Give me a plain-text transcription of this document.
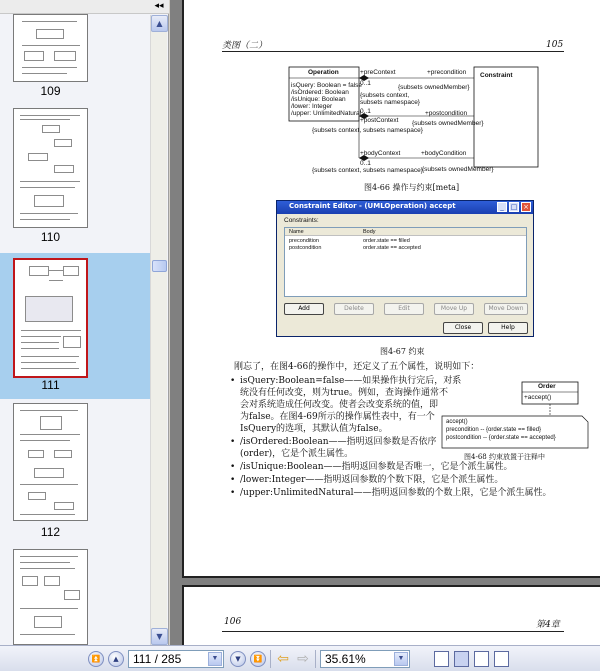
◂◂
109
110
111
112
▲
▼
类图（二）	105
Operation	Constraint
isQuery: Boolean = false
/isOrdered: Boolean
/isUnique: Boolean
/lower: Integer
/upper: UnlimitedNatural
+preContext	+precondition
0..1
{subsets ownedMember}
{subsets context,
subsets namespace}
0..1
+postContext
+postcondition
{subsets ownedMember}
{subsets context, subsets namespace}
+bodyContext	+bodyCondition
0..1
{subsets context, subsets namespace} {subsets ownedMember}
图4-66 操作与约束[meta]
Constraint Editor - (UMLOperation) accept	_ □ ×
Constraints:
Name	Body
precondition	order.state == filled
postcondition	order.state == accepted
Add	Delete	Edit	Move Up	Move Down
Close	Help
图4-67 约束
Order
+accept()
accept()
precondition -- {order.state == filled}
postcondition -- {order.state == accepted}
图4-68 约束放置于注释中
刚忘了，在图4-66的操作中，还定义了五个属性，说明如下：
• isQuery:Boolean=false——如果操作执行完后，对系
统没有任何改变，则为true。例如，查询操作通常不
会对系统造成任何改变。使者会改变系统的值，即
为false。在图4-69所示的操作属性表中，有一个
IsQuery的选项，其默认值为false。
• /isOrdered:Boolean——指明返回参数是否依序
(order)，它是个派生属性。
• /isUnique:Boolean——指明返回参数是否唯一，它是个派生属性。
• /lower:Integer——指明返回参数的个数下限，它是个派生属性。
• /upper:UnlimitedNatural——指明返回参数的个数上限，它是个派生属性。
106	第4章
⏫	▲	111 / 285	▼	▼	⏬ ⇦ ⇨	35.61%	▼
